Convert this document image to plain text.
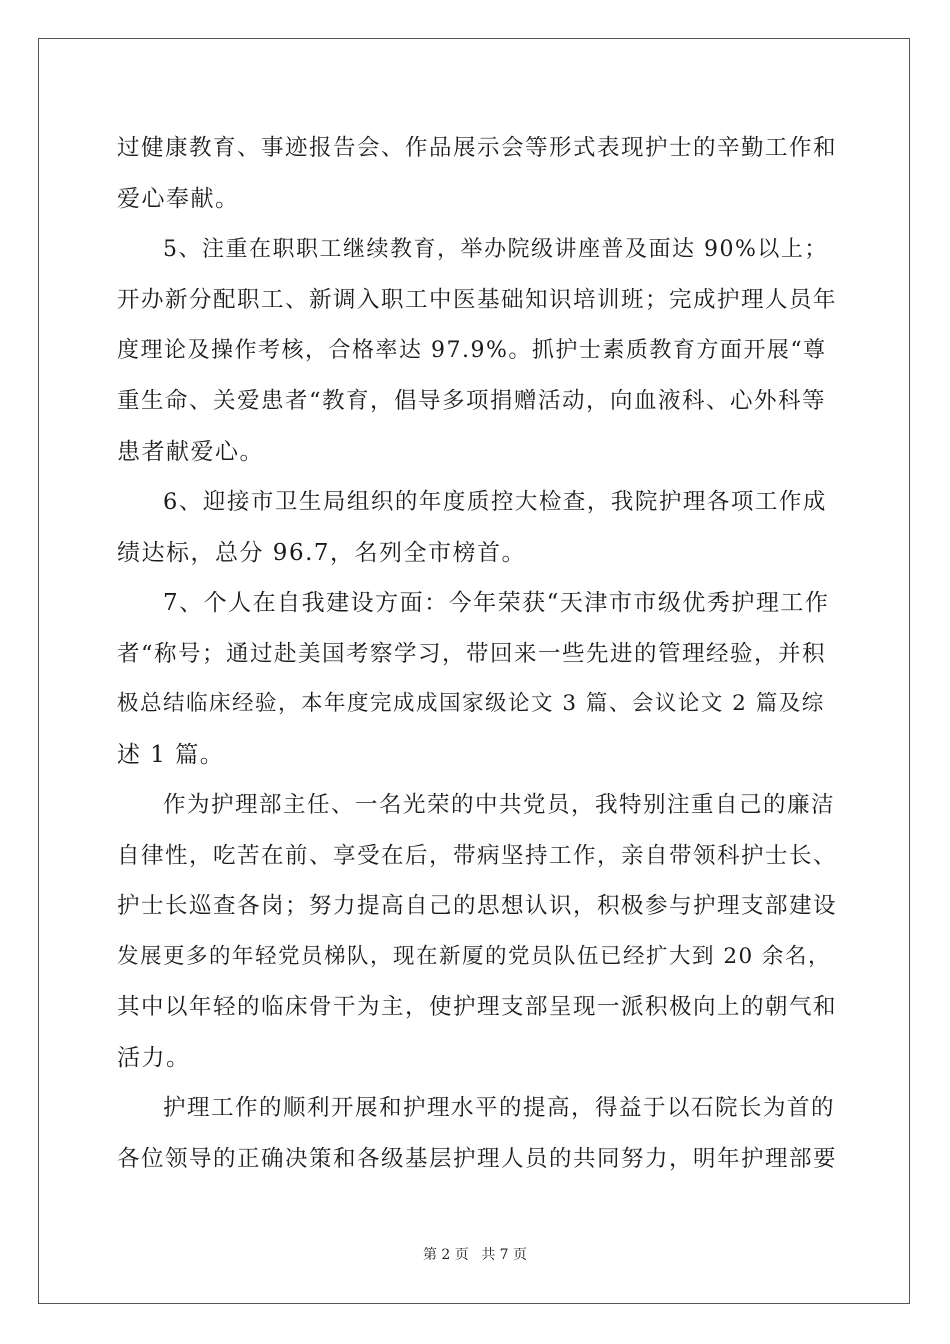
过健康教育、事迹报告会、作品展示会等形式表现护士的辛勤工作和
爱心奉献。
5、注重在职职工继续教育，举办院级讲座普及面达 90%以上；
开办新分配职工、新调入职工中医基础知识培训班；完成护理人员年
度理论及操作考核，合格率达 97.9%。抓护士素质教育方面开展“尊
重生命、关爱患者“教育，倡导多项捐赠活动，向血液科、心外科等
患者献爱心。
6、迎接市卫生局组织的年度质控大检查，我院护理各项工作成
绩达标，总分 96.7，名列全市榜首。
7、个人在自我建设方面：今年荣获“天津市市级优秀护理工作
者“称号；通过赴美国考察学习，带回来一些先进的管理经验，并积
极总结临床经验，本年度完成成国家级论文 3 篇、会议论文 2 篇及综
述 1 篇。
作为护理部主任、一名光荣的中共党员，我特别注重自己的廉洁
自律性，吃苦在前、享受在后，带病坚持工作，亲自带领科护士长、
护士长巡查各岗；努力提高自己的思想认识，积极参与护理支部建设
发展更多的年轻党员梯队，现在新厦的党员队伍已经扩大到 20 余名，
其中以年轻的临床骨干为主，使护理支部呈现一派积极向上的朝气和
活力。
护理工作的顺利开展和护理水平的提高，得益于以石院长为首的
各位领导的正确决策和各级基层护理人员的共同努力，明年护理部要
第 2 页 共 7 页
